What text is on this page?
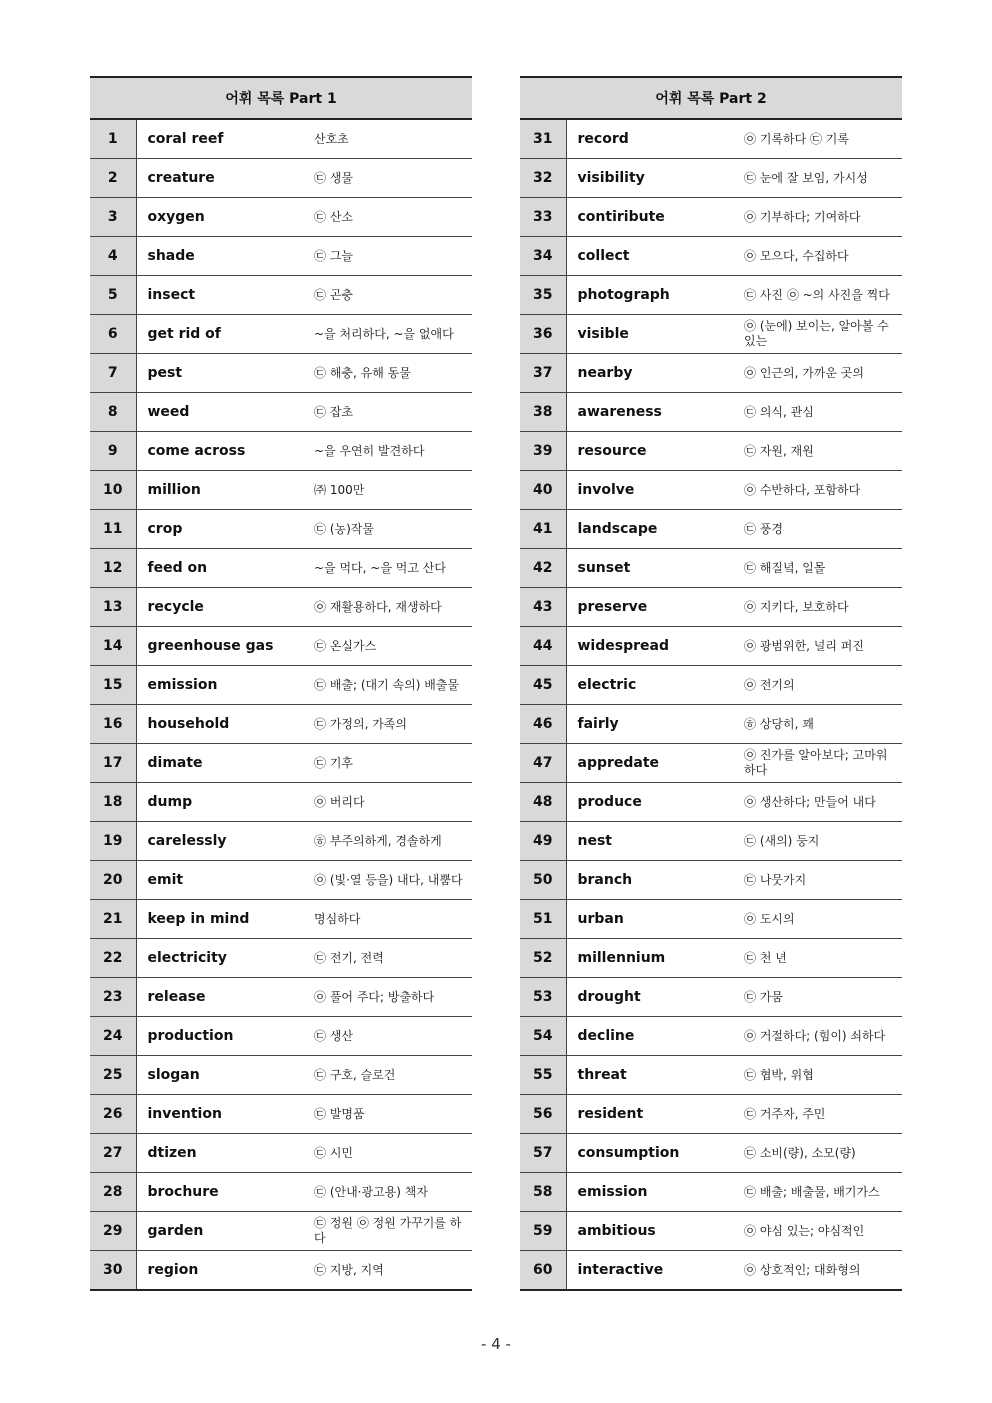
어휘 목록 Part 1		
1	coral reef	산호초
2	creature	㉢ 생물
3	oxygen	㉢ 산소
4	shade	㉢ 그늘
5	insect	㉢ 곤충
6	get rid of	~을 처리하다, ~을 없애다
7	pest	㉢ 해충, 유해 동물
8	weed	㉢ 잡초
9	come across	~을 우연히 발견하다
10	million	㈜ 100만
11	crop	㉢ (농)작물
12	feed on	~을 먹다, ~을 먹고 산다
13	recycle	㉧ 재활용하다, 재생하다
14	greenhouse gas	㉢ 온실가스
15	emission	㉢ 배출; (대기 속의) 배출물
16	household	㉢ 가정의, 가족의
17	dimate	㉢ 기후
18	dump	㉧ 버리다
19	carelessly	㉭ 부주의하게, 경솔하게
20	emit	㉧ (빛·열 등을) 내다, 내뿜다
21	keep in mind	명심하다
22	electricity	㉢ 전기, 전력
23	release	㉧ 풀어 주다; 방출하다
24	production	㉢ 생산
25	slogan	㉢ 구호, 슬로건
26	invention	㉢ 발명품
27	dtizen	㉢ 시민
28	brochure	㉢ (안내·광고용) 책자
29	garden	㉢ 정원 ㉧ 정원 가꾸기를 하다
30	region	㉢ 지방, 지역
어휘 목록 Part 2		
31	record	㉧ 기록하다 ㉢ 기록
32	visibility	㉢ 눈에 잘 보임, 가시성
33	contiribute	㉧ 기부하다; 기여하다
34	collect	㉧ 모으다, 수집하다
35	photograph	㉢ 사진 ㉧ ~의 사진을 찍다
36	visible	㉧ (눈에) 보이는, 알아볼 수 있는
37	nearby	㉧ 인근의, 가까운 곳의
38	awareness	㉢ 의식, 관심
39	resource	㉢ 자원, 재원
40	involve	㉧ 수반하다, 포함하다
41	landscape	㉢ 풍경
42	sunset	㉢ 해질녘, 일몰
43	preserve	㉧ 지키다, 보호하다
44	widespread	㉧ 광범위한, 널리 퍼진
45	electric	㉧ 전기의
46	fairly	㉭ 상당히, 꽤
47	appredate	㉧ 진가를 알아보다; 고마워하다
48	produce	㉧ 생산하다; 만들어 내다
49	nest	㉢ (새의) 둥지
50	branch	㉢ 나뭇가지
51	urban	㉧ 도시의
52	millennium	㉢ 천 년
53	drought	㉢ 가뭄
54	decline	㉧ 거절하다; (힘이) 쇠하다
55	threat	㉢ 협박, 위협
56	resident	㉢ 거주자, 주민
57	consumption	㉢ 소비(량), 소모(량)
58	emission	㉢ 배출; 배출물, 배기가스
59	ambitious	㉧ 야심 있는; 야심적인
60	interactive	㉧ 상호적인; 대화형의
- 4 -
